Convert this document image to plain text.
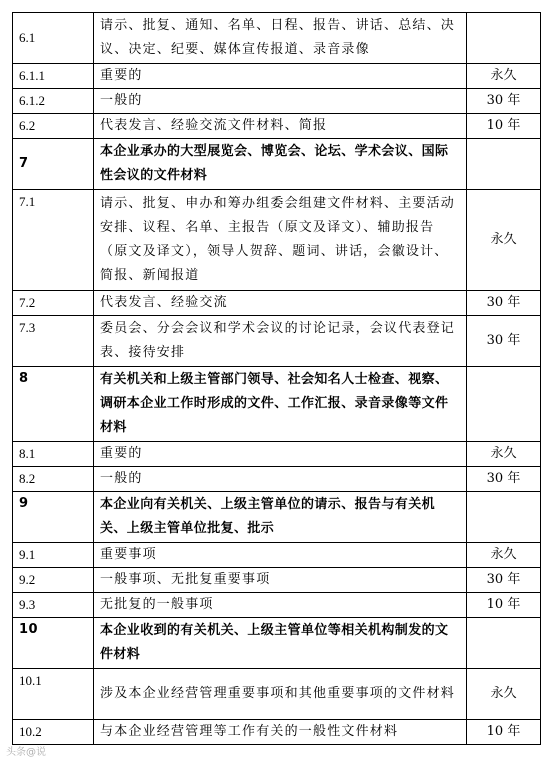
6.1	请示、批复、通知、名单、日程、报告、讲话、总结、决议、决定、纪要、媒体宣传报道、录音录像	
6.1.1	重要的	永久
6.1.2	一般的	30 年
6.2	代表发言、经验交流文件材料、简报	10 年
7	本企业承办的大型展览会、博览会、论坛、学术会议、国际性会议的文件材料	
7.1	请示、批复、申办和筹办组委会组建文件材料、主要活动安排、议程、名单、主报告（原文及译文）、辅助报告（原文及译文），领导人贺辞、题词、讲话，会徽设计、简报、新闻报道	永久
7.2	代表发言、经验交流	30 年
7.3	委员会、分会会议和学术会议的讨论记录，会议代表登记表、接待安排	30 年
8	有关机关和上级主管部门领导、社会知名人士检查、视察、调研本企业工作时形成的文件、工作汇报、录音录像等文件材料	
8.1	重要的	永久
8.2	一般的	30 年
9	本企业向有关机关、上级主管单位的请示、报告与有关机关、上级主管单位批复、批示	
9.1	重要事项	永久
9.2	一般事项、无批复重要事项	30 年
9.3	无批复的一般事项	10 年
10	本企业收到的有关机关、上级主管单位等相关机构制发的文件材料	
10.1	涉及本企业经营管理重要事项和其他重要事项的文件材料	永久
10.2	与本企业经营管理等工作有关的一般性文件材料	10 年
头条@说
